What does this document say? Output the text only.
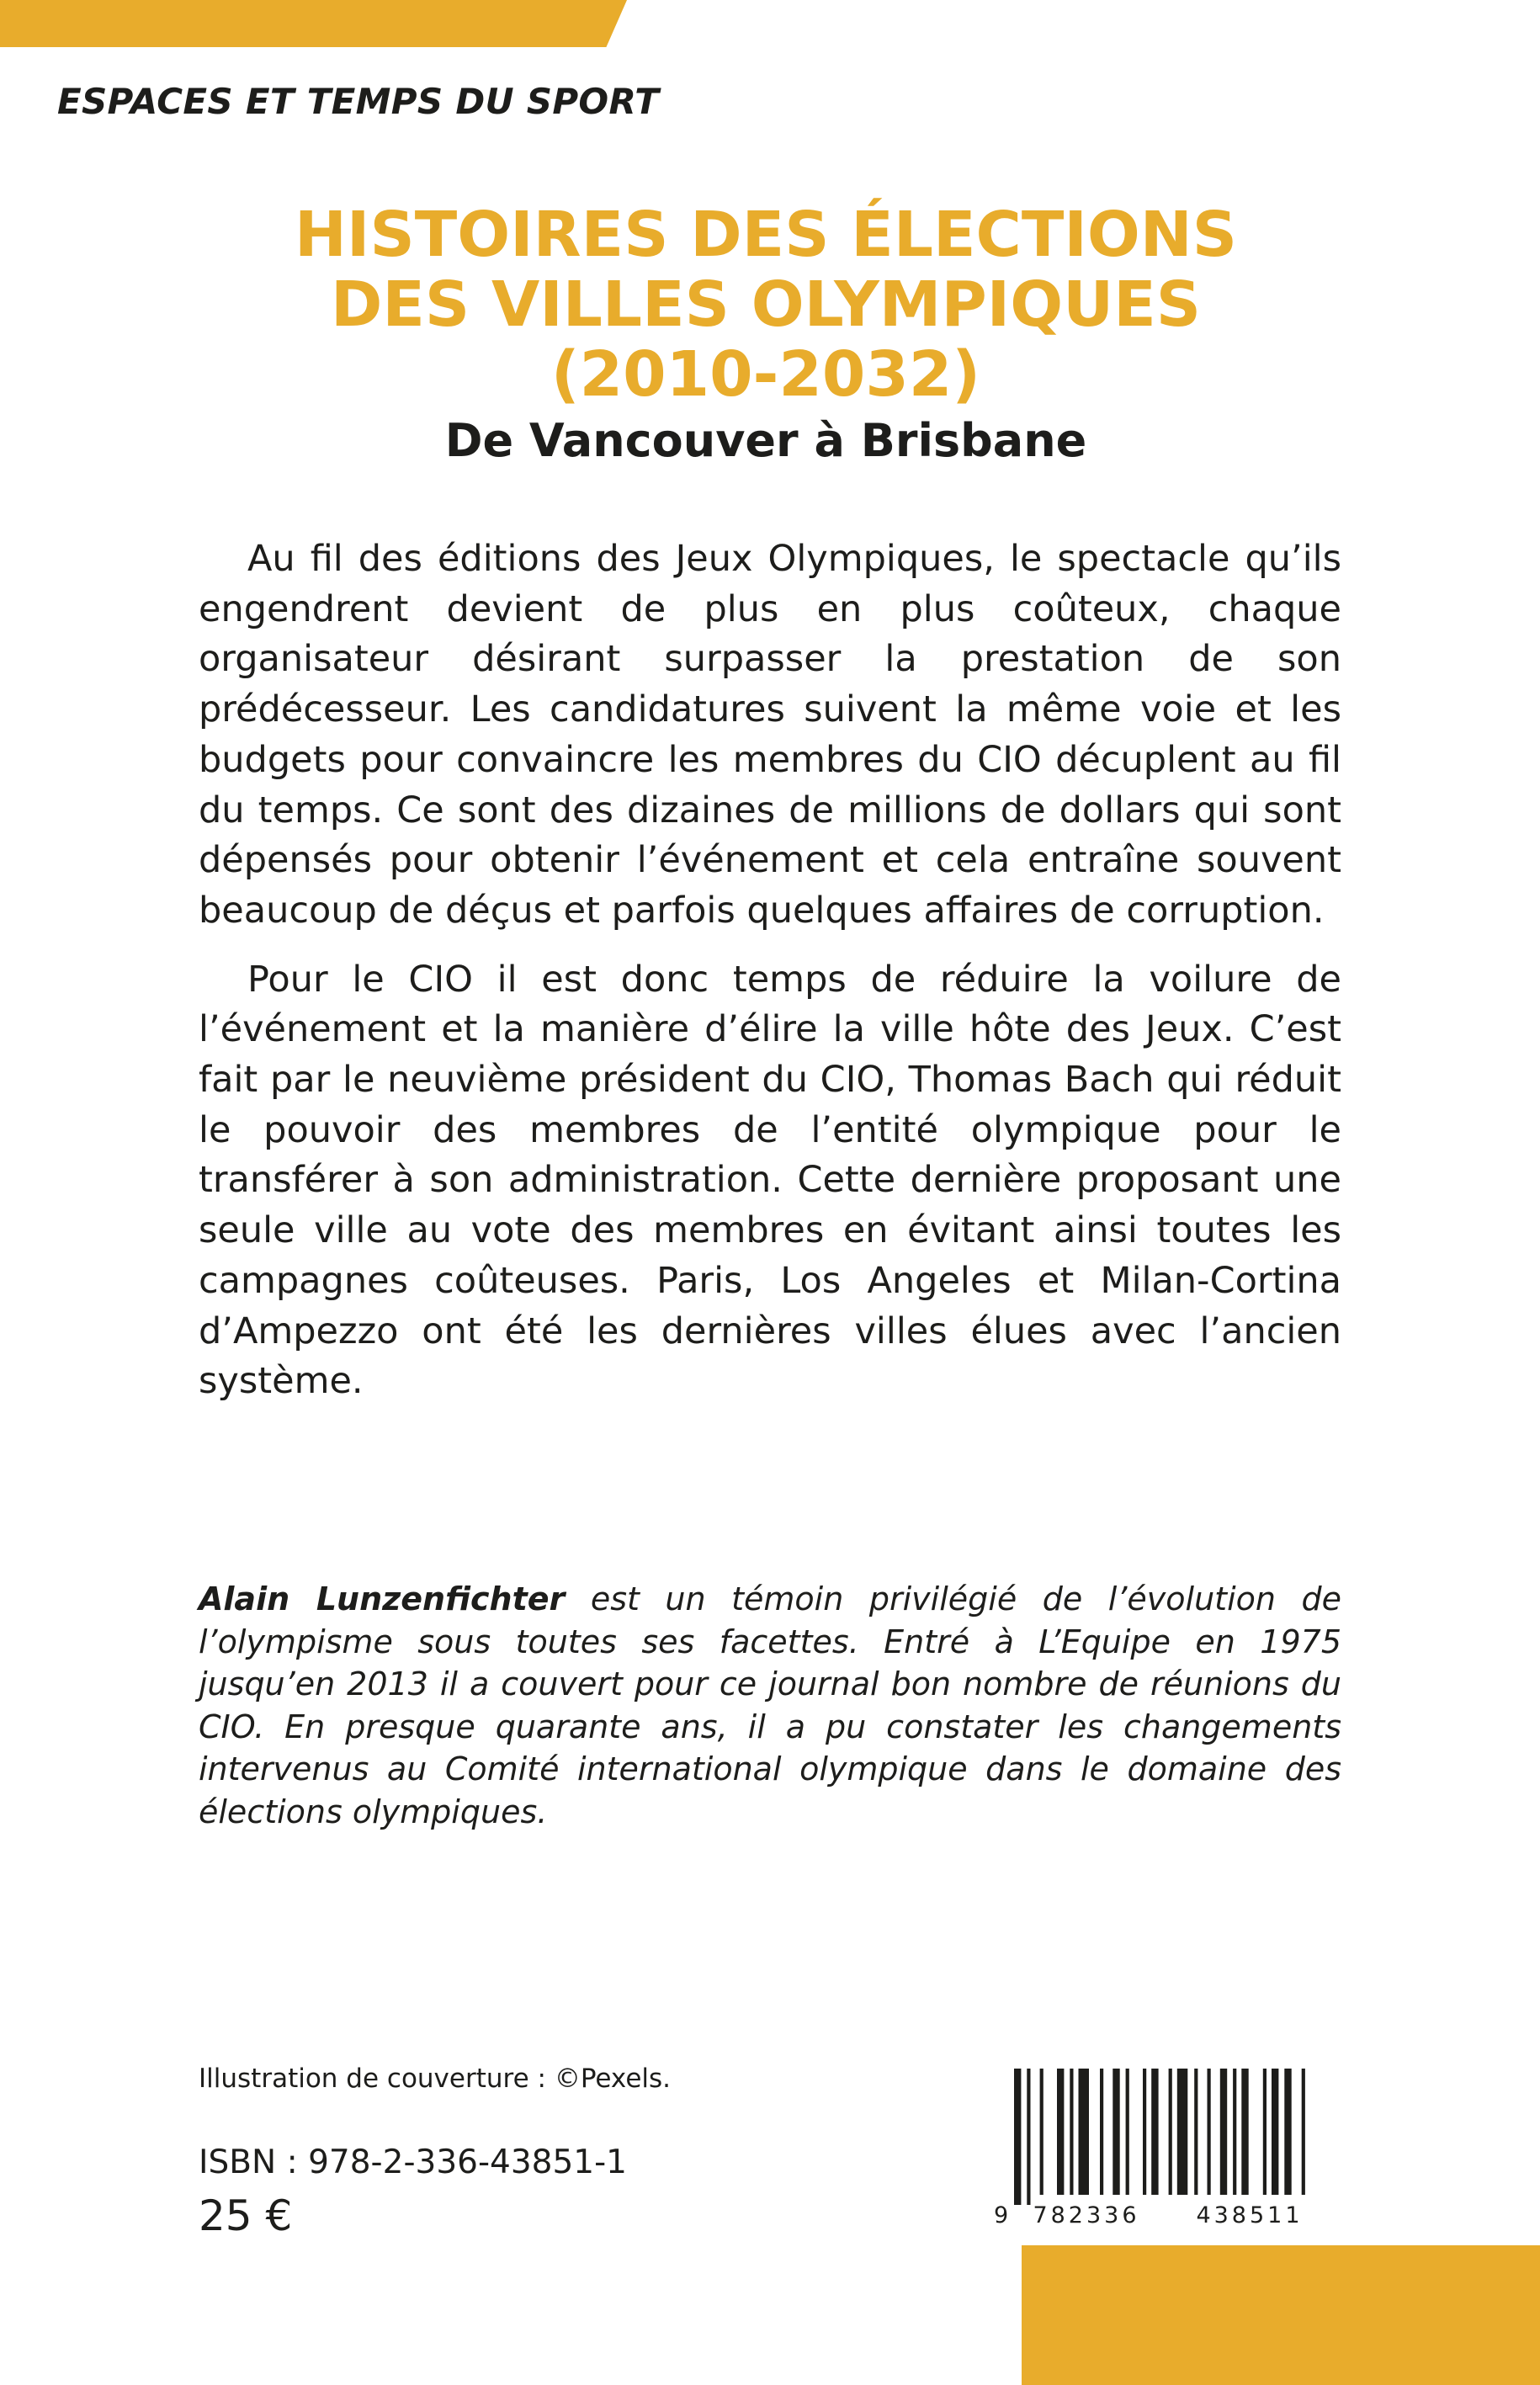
ESPACES ET TEMPS DU SPORT
HISTOIRES DES ÉLECTIONS
DES VILLES OLYMPIQUES
(2010-2032)
De Vancouver à Brisbane

Au fil des éditions des Jeux Olympiques, le spectacle qu’ils engendrent devient de plus en plus coûteux, chaque organisateur désirant surpasser la prestation de son prédécesseur. Les candidatures suivent la même voie et les budgets pour convaincre les membres du CIO décuplent au fil du temps. Ce sont des dizaines de millions de dollars qui sont dépensés pour obtenir l’événement et cela entraîne souvent beaucoup de déçus et parfois quelques affaires de corruption.

Pour le CIO il est donc temps de réduire la voilure de l’événement et la manière d’élire la ville hôte des Jeux. C’est fait par le neuvième président du CIO, Thomas Bach qui réduit le pouvoir des membres de l’entité olympique pour le transférer à son administration. Cette dernière proposant une seule ville au vote des membres en évitant ainsi toutes les campagnes coûteuses. Paris, Los Angeles et Milan-Cortina d’Ampezzo ont été les dernières villes élues avec l’ancien système.

Alain Lunzenfichter est un témoin privilégié de l’évolution de l’olympisme sous toutes ses facettes. Entré à L’Equipe en 1975 jusqu’en 2013 il a couvert pour ce journal bon nombre de réunions du CIO. En presque quarante ans, il a pu constater les changements intervenus au Comité international olympique dans le domaine des élections olympiques.
Illustration de couverture : ©Pexels.
ISBN : 978-2-336-43851-1
25 €	9 782336 438511
